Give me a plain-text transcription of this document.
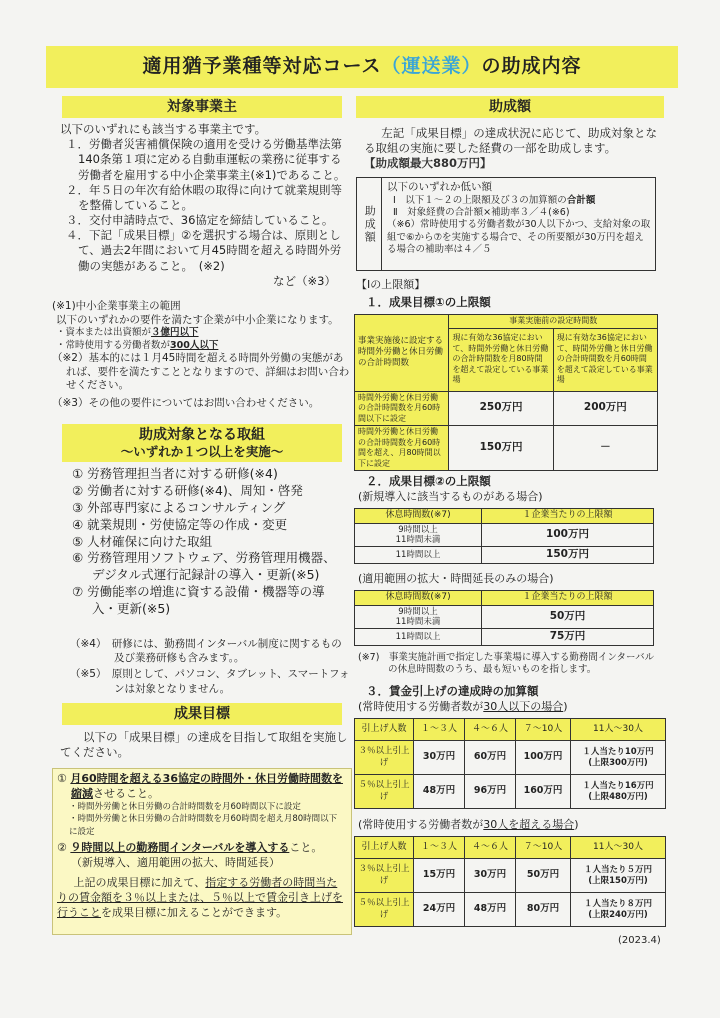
適用猶予業種等対応コース （ 運送業 ） の助成内容
対象事業主
以下のいずれにも該当する事業主です。
１．労働者災害補償保険の適用を受ける労働基準法第140条第１項に定める自動車運転の業務に従事する労働者を雇用する中小企業事業主(※1)であること。
２．年５日の年次有給休暇の取得に向けて就業規則等を整備していること。
３．交付申請時点で、36協定を締結していること。
４．下記「成果目標」②を選択する場合は、原則として、過去2年間において月45時間を超える時間外労働の実態があること。　(※2)
など（※3）
(※1)中小企業事業主の範囲
以下のいずれかの要件を満たす企業が中小企業になります。
・資本または出資額が３億円以下
・常時使用する労働者数が300人以下
（※2）基本的には１月45時間を超える時間外労働の実態があれば、要件を満たすこととなりますので、詳細はお問い合わせください。
（※3）その他の要件についてはお問い合わせください。
助成対象となる取組
～いずれか１つ以上を実施～
① 労務管理担当者に対する研修(※4)
② 労働者に対する研修(※4)、周知・啓発
③ 外部専門家によるコンサルティング
④ 就業規則・労使協定等の作成・変更
⑤ 人材確保に向けた取組
⑥ 労務管理用ソフトウェア、労務管理用機器、デジタル式運行記録計の導入・更新(※5)
⑦ 労働能率の増進に資する設備・機器等の導入・更新(※5)
（※4）　研修には、勤務間インターバル制度に関するもの及び業務研修も含みます。。
（※5）　原則として、パソコン、タブレット、スマートフォンは対象となりません。
成果目標
以下の「成果目標」の達成を目指して取組を実施してください。
① 月60時間を超える36協定の時間外・休日労働時間数を縮減させること。
・時間外労働と休日労働の合計時間数を月60時間以下に設定
・時間外労働と休日労働の合計時間数を月60時間を超え月80時間以下に設定
② ９時間以上の勤務間インターバルを導入すること。
（新規導入、適用範囲の拡大、時間延長）
上記の成果目標に加えて、指定する労働者の時間当たりの賃金額を３％以上または、５％以上で賃金引き上げを行うことを成果目標に加えることができます。
助成額
左記「成果目標」の達成状況に応じて、助成対象となる取組の実施に要した経費の一部を助成します。
【助成額最大880万円】
助成額
以下のいずれか低い額
Ⅰ　以下１～２の上限額及び３の加算額の合計額
Ⅱ　対象経費の合計額×補助率３／４(※6)
（※6）常時使用する労働者数が30人以下かつ、支給対象の取組で⑥から⑦を実施する場合で、その所要額が30万円を超える場合の補助率は４／５
【Ⅰの上限額】
１．成果目標①の上限額
事業実施後に設定する時間外労働と休日労働の合計時間数	事業実施前の設定時間数	
	現に有効な36協定において、時間外労働と休日労働の合計時間数を月80時間を超えて設定している事業場	現に有効な36協定において、時間外労働と休日労働の合計時間数を月60時間を超えて設定している事業場
時間外労働と休日労働の合計時間数を月60時間以下に設定	250万円	200万円
時間外労働と休日労働の合計時間数を月60時間を超え、月80時間以下に設定	150万円	－
２．成果目標②の上限額
(新規導入に該当するものがある場合)
休息時間数(※7)	１企業当たりの上限額
9時間以上
11時間未満	100万円
11時間以上	150万円
(適用範囲の拡大・時間延長のみの場合)
休息時間数(※7)	１企業当たりの上限額
9時間以上
11時間未満	50万円
11時間以上	75万円
(※7)　事業実施計画で指定した事業場に導入する勤務間インターバルの休息時間数のうち、最も短いものを指します。
３．賃金引上げの達成時の加算額
(常時使用する労働者数が30人以下の場合)
引上げ人数	１～３人	４～６人	７～10人	11人～30人
３％以上引上げ	30万円	60万円	100万円	１人当たり10万円
(上限300万円)

５％以上引上げ	48万円	96万円	160万円	１人当たり16万円
(上限480万円)
(常時使用する労働者数が30人を超える場合)
引上げ人数	１～３人	４～６人	７～10人	11人～30人
３％以上引上げ	15万円	30万円	50万円	１人当たり５万円
(上限150万円)

５％以上引上げ	24万円	48万円	80万円	１人当たり８万円
(上限240万円)
(2023.4)
